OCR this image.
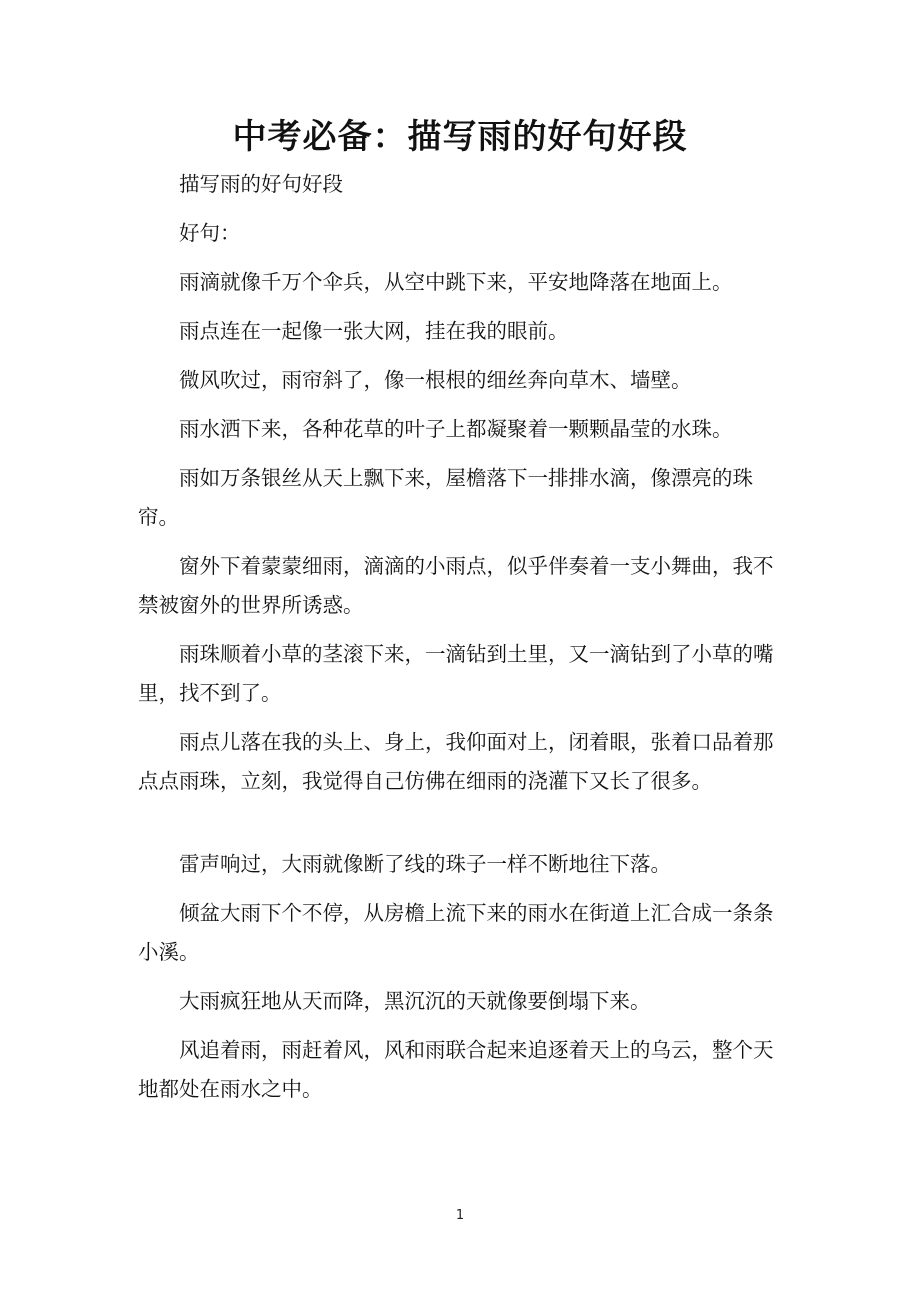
中考必备：描写雨的好句好段

描写雨的好句好段

好句：

雨滴就像千万个伞兵，从空中跳下来，平安地降落在地面上。

雨点连在一起像一张大网，挂在我的眼前。

微风吹过，雨帘斜了，像一根根的细丝奔向草木、墙壁。

雨水洒下来，各种花草的叶子上都凝聚着一颗颗晶莹的水珠。

雨如万条银丝从天上飘下来，屋檐落下一排排水滴，像漂亮的珠帘。

窗外下着蒙蒙细雨，滴滴的小雨点，似乎伴奏着一支小舞曲，我不禁被窗外的世界所诱惑。

雨珠顺着小草的茎滚下来，一滴钻到土里，又一滴钻到了小草的嘴里，找不到了。

雨点儿落在我的头上、身上，我仰面对上，闭着眼，张着口品着那点点雨珠，立刻，我觉得自己仿佛在细雨的浇灌下又长了很多。

雷声响过，大雨就像断了线的珠子一样不断地往下落。

倾盆大雨下个不停，从房檐上流下来的雨水在街道上汇合成一条条小溪。

大雨疯狂地从天而降，黑沉沉的天就像要倒塌下来。

风追着雨，雨赶着风，风和雨联合起来追逐着天上的乌云，整个天地都处在雨水之中。

1
